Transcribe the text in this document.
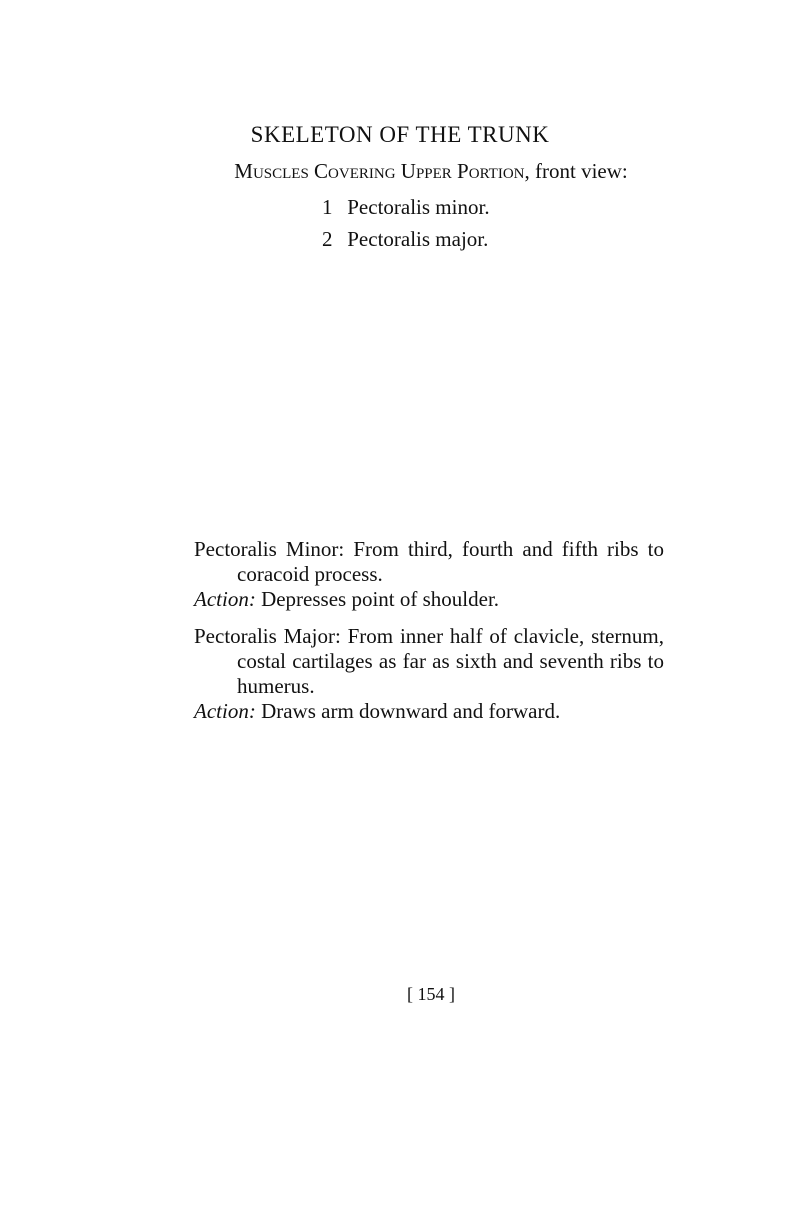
SKELETON OF THE TRUNK
Muscles Covering Upper Portion, front view:
1 Pectoralis minor.
2 Pectoralis major.

Pectoralis Minor: From third, fourth and fifth ribs to coracoid process.

Action: Depresses point of shoulder.

Pectoralis Major: From inner half of clavicle, sternum, costal cartilages as far as sixth and seventh ribs to humerus.

Action: Draws arm downward and forward.

[ 154 ]
